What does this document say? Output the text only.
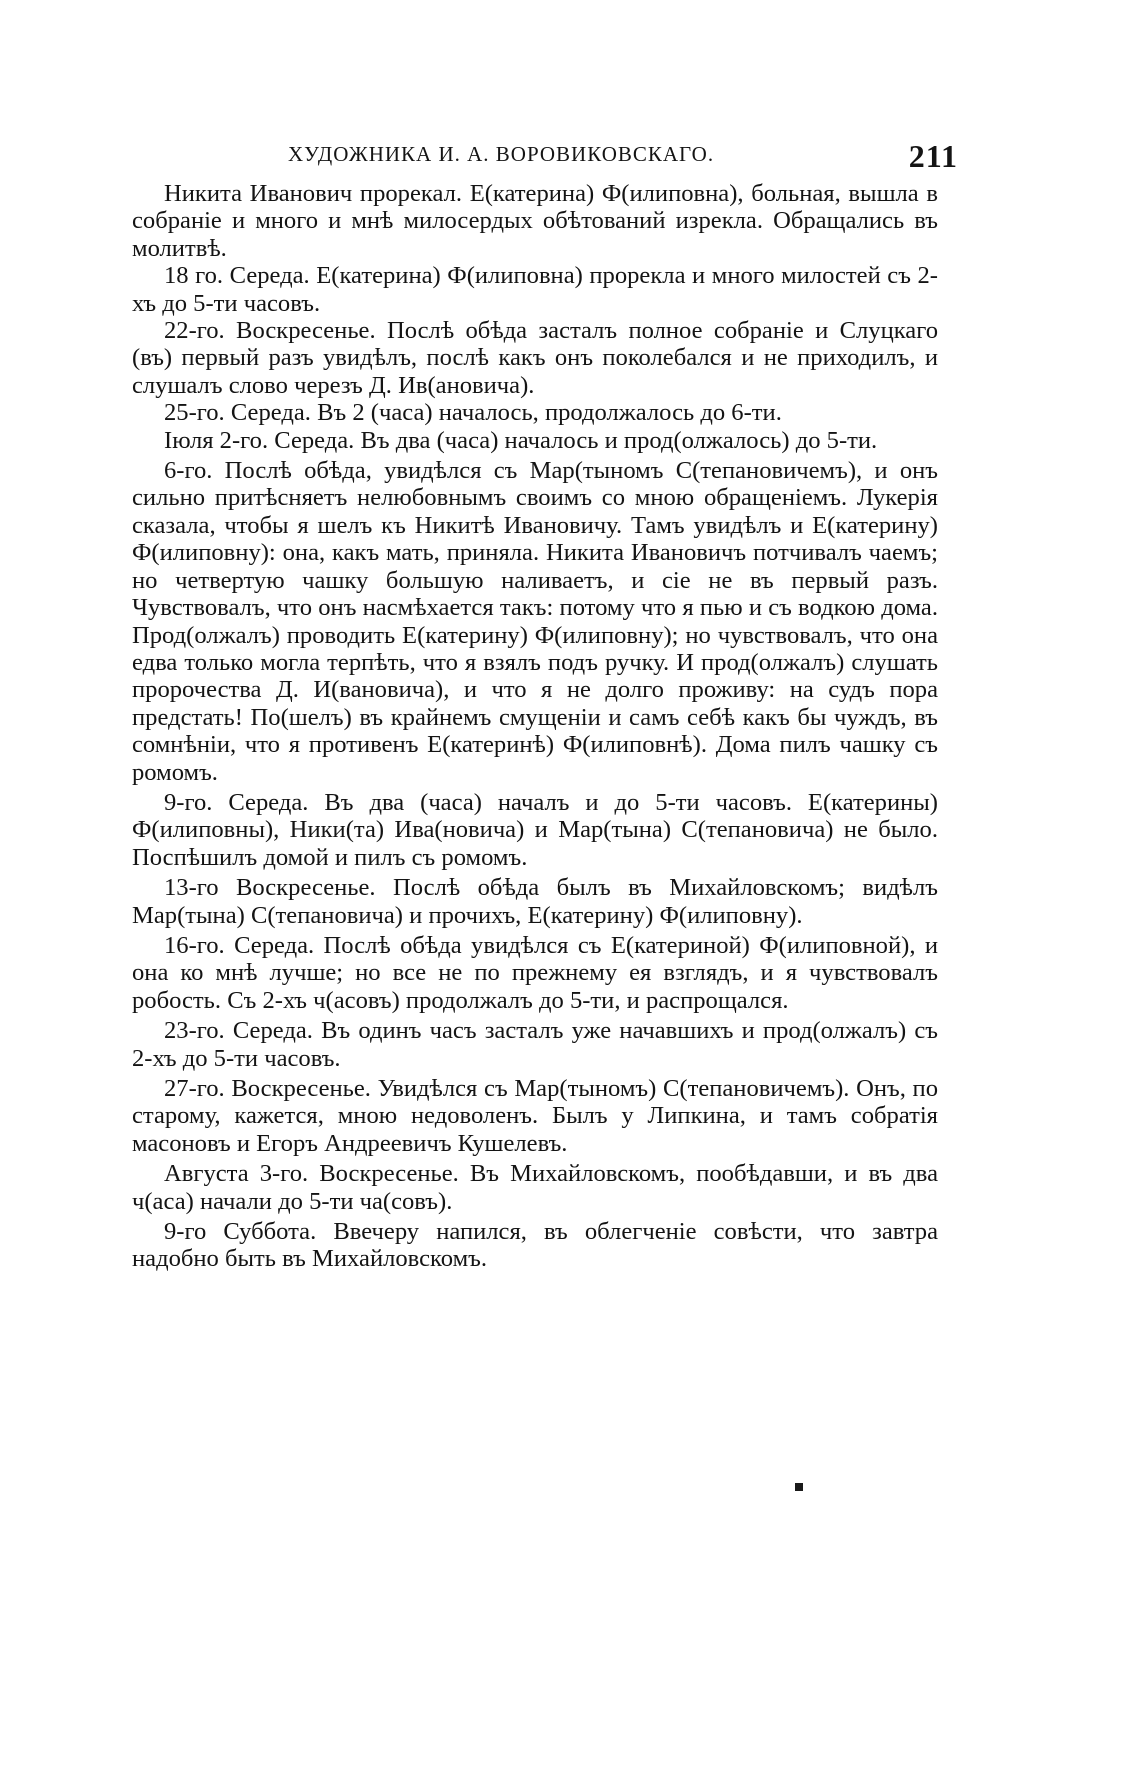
ХУДОЖНИКА И. А. ВОРОВИКОВСКАГО.	211

Никита Иванович прорекал. Е(катерина) Ф(илиповна), больная, вышла в собраніе и много и мнѣ милосердых обѣтований изрекла. Обращались въ молитвѣ.

18 го. Середа. Е(катерина) Ф(илиповна) прорекла и много милостей съ 2-хъ до 5-ти часовъ.

22-го. Воскресенье. Послѣ обѣда засталъ полное собраніе и Слуцкаго (въ) первый разъ увидѣлъ, послѣ какъ онъ поколебался и не приходилъ, и слушалъ слово черезъ Д. Ив(ановича).

25-го. Середа. Въ 2 (часа) началось, продолжалось до 6-ти.

Іюля 2-го. Середа. Въ два (часа) началось и прод(олжалось) до 5-ти.

6-го. Послѣ обѣда, увидѣлся съ Мар(тыномъ С(тепановичемъ), и онъ сильно притѣсняетъ нелюбовнымъ своимъ со мною обращеніемъ. Лукерія сказала, чтобы я шелъ къ Никитѣ Ивановичу. Тамъ увидѣлъ и Е(катерину) Ф(илиповну): она, какъ мать, приняла. Никита Ивановичъ потчивалъ чаемъ; но четвертую чашку большую наливаетъ, и сіе не въ первый разъ. Чувствовалъ, что онъ насмѣхается такъ: потому что я пью и съ водкою дома. Прод(олжалъ) проводить Е(катерину) Ф(илиповну); но чувствовалъ, что она едва только могла терпѣть, что я взялъ подъ ручку. И прод(олжалъ) слушать пророчества Д. И(вановича), и что я не долго проживу: на судъ пора предстать! По(шелъ) въ крайнемъ смущеніи и самъ себѣ какъ бы чуждъ, въ сомнѣніи, что я противенъ Е(катеринѣ) Ф(илиповнѣ). Дома пилъ чашку съ ромомъ.

9-го. Середа. Въ два (часа) началъ и до 5-ти часовъ. Е(катерины) Ф(илиповны), Ники(та) Ива(новича) и Мар(тына) С(тепановича) не было. Поспѣшилъ домой и пилъ съ ромомъ.

13-го Воскресенье. Послѣ обѣда былъ въ Михайловскомъ; видѣлъ Мар(тына) С(тепановича) и прочихъ, Е(катерину) Ф(илиповну).

16-го. Середа. Послѣ обѣда увидѣлся съ Е(катериной) Ф(илиповной), и она ко мнѣ лучше; но все не по прежнему ея взглядъ, и я чувствовалъ робость. Съ 2-хъ ч(асовъ) продолжалъ до 5-ти, и распрощался.

23-го. Середа. Въ одинъ часъ засталъ уже начавшихъ и прод(олжалъ) съ 2-хъ до 5-ти часовъ.

27-го. Воскресенье. Увидѣлся съ Мар(тыномъ) С(тепановичемъ). Онъ, по старому, кажется, мною недоволенъ. Былъ у Липкина, и тамъ собратія масоновъ и Егоръ Андреевичъ Кушелевъ.

Августа 3-го. Воскресенье. Въ Михайловскомъ, пообѣдавши, и въ два ч(аса) начали до 5-ти ча(совъ).

9-го Суббота. Ввечеру напился, въ облегченіе совѣсти, что завтра надобно быть въ Михайловскомъ.
